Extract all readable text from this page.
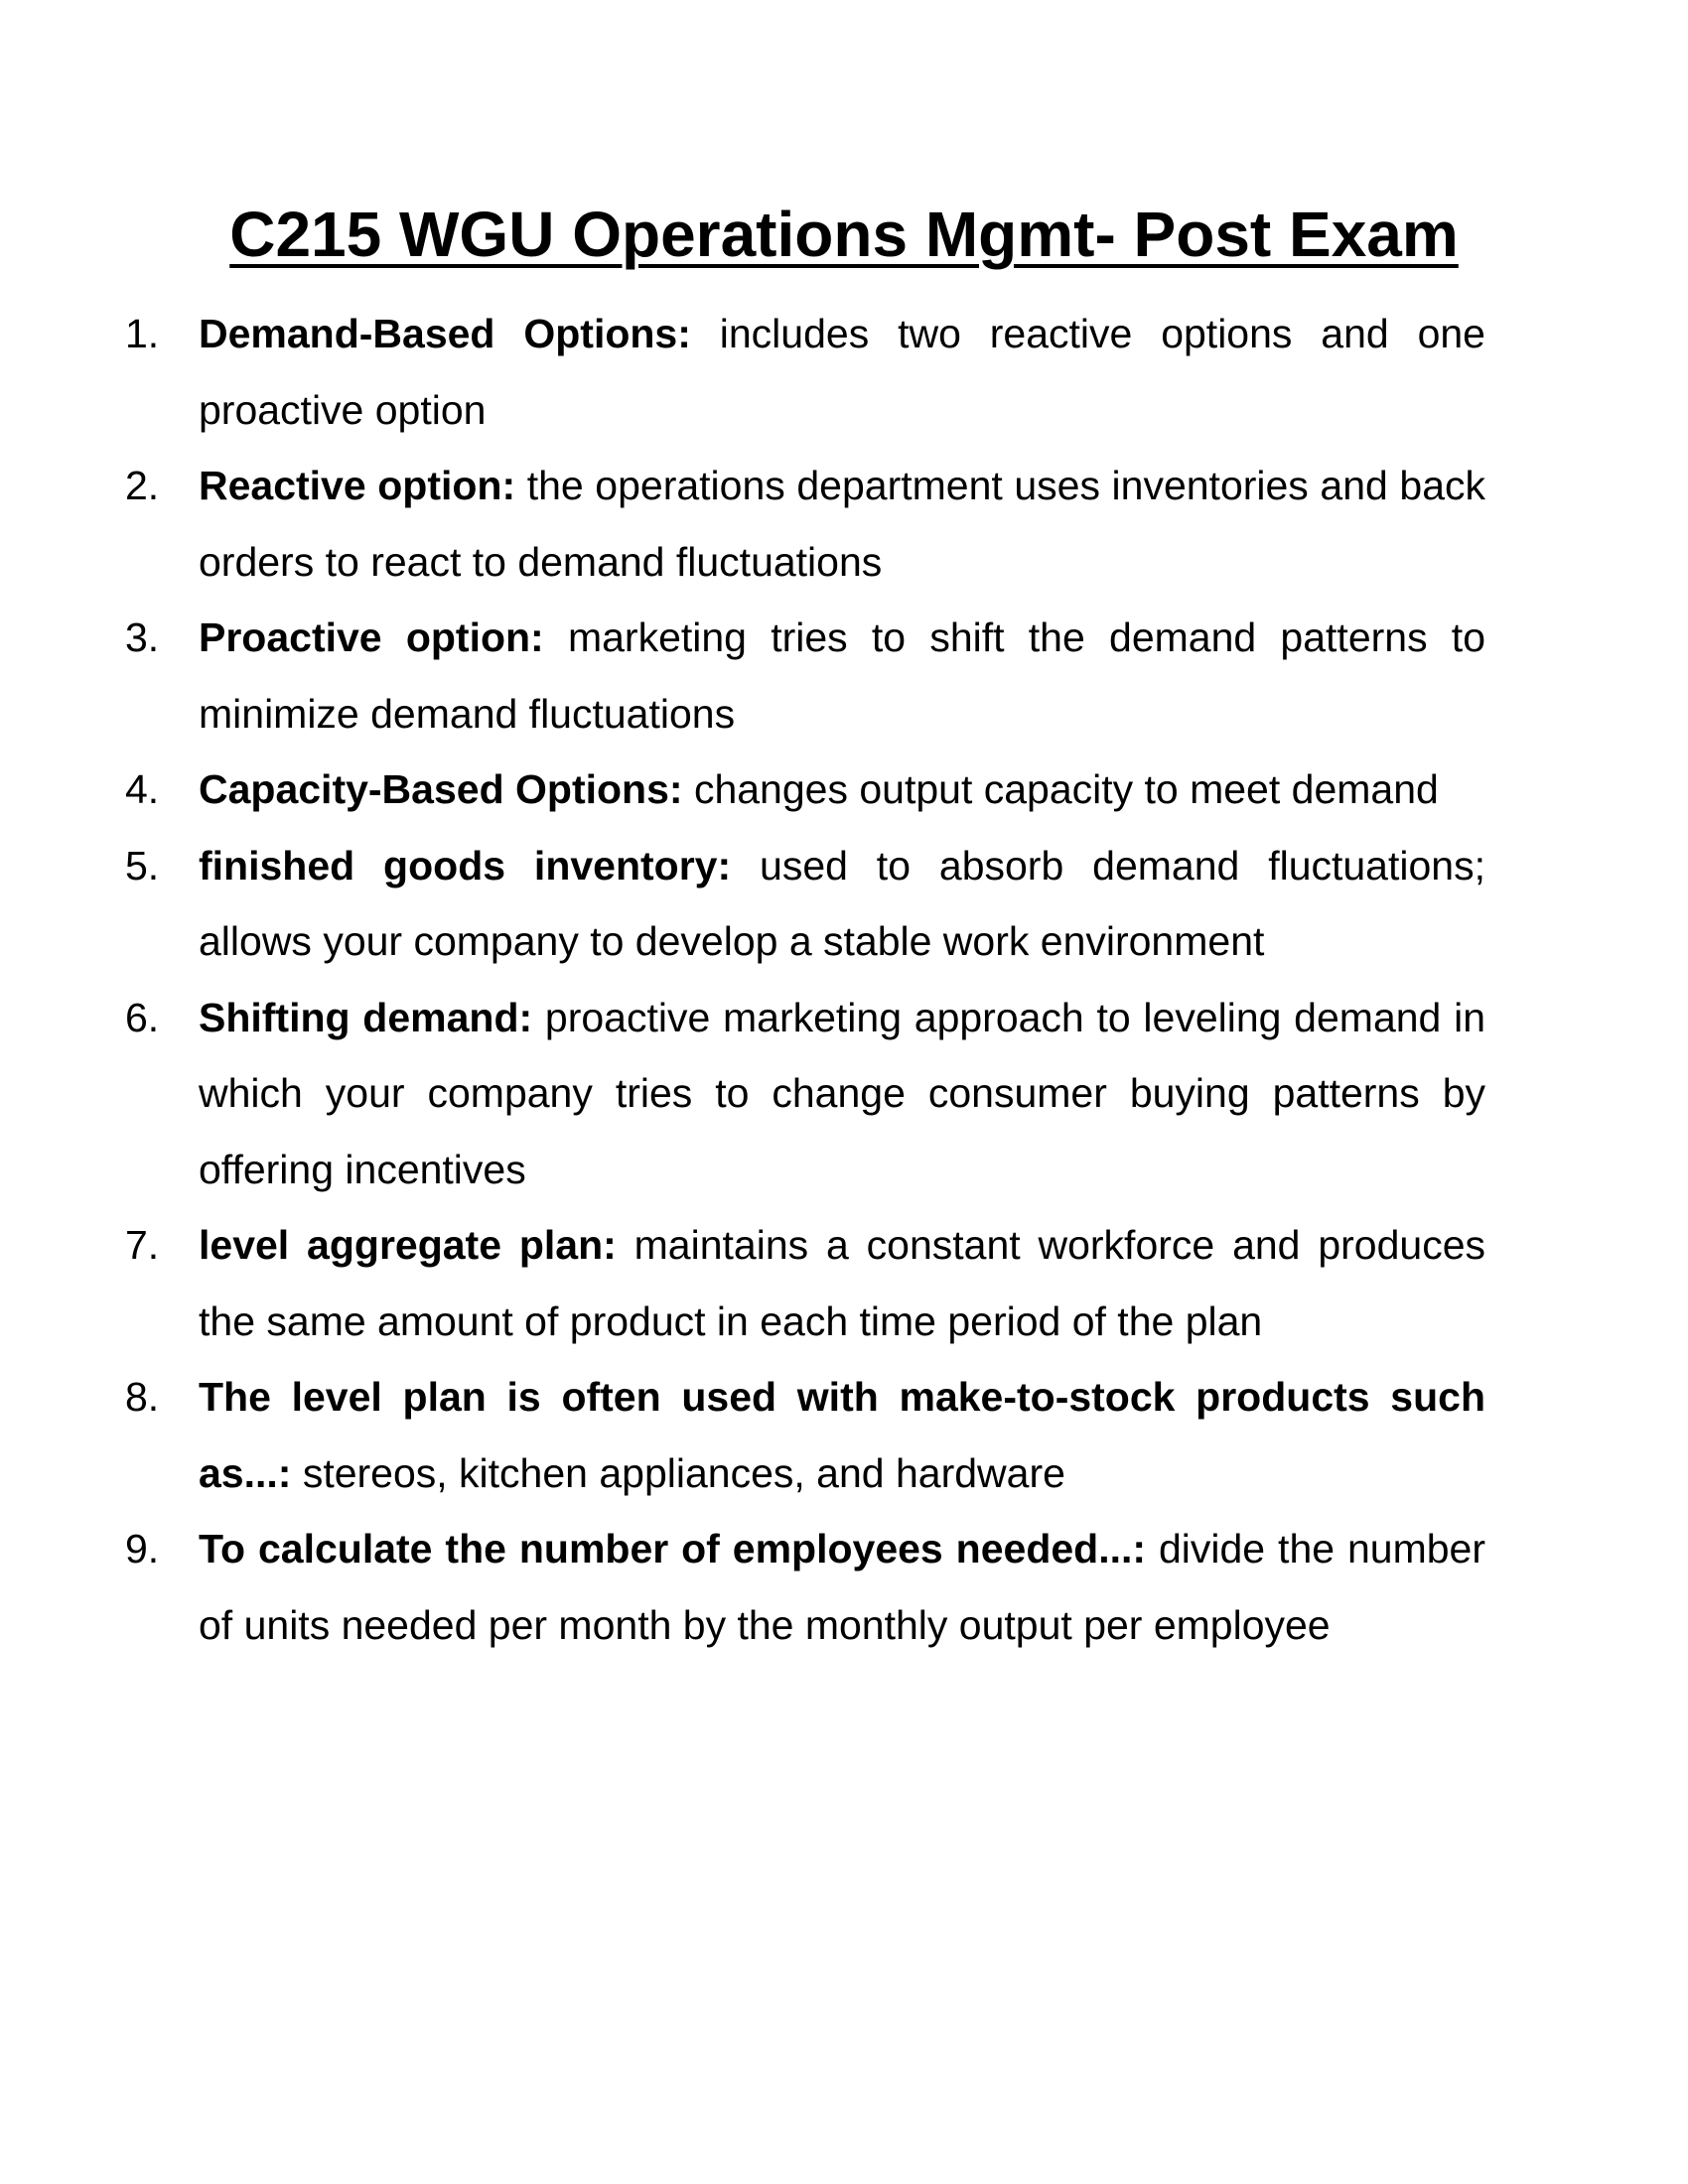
C215 WGU Operations Mgmt- Post Exam
1. Demand-Based Options: includes two reactive options and one proactive option
2. Reactive option: the operations department uses inventories and back orders to react to demand fluctuations
3. Proactive option: marketing tries to shift the demand patterns to minimize demand fluctuations
4. Capacity-Based Options: changes output capacity to meet demand
5. finished goods inventory: used to absorb demand fluctuations; allows your company to develop a stable work environment
6. Shifting demand: proactive marketing approach to leveling demand in which your company tries to change consumer buying patterns by offering incentives
7. level aggregate plan: maintains a constant workforce and produces the same amount of product in each time period of the plan
8. The level plan is often used with make-to-stock products such as...: stereos, kitchen appliances, and hardware
9. To calculate the number of employees needed...: divide the number of units needed per month by the monthly output per employee
